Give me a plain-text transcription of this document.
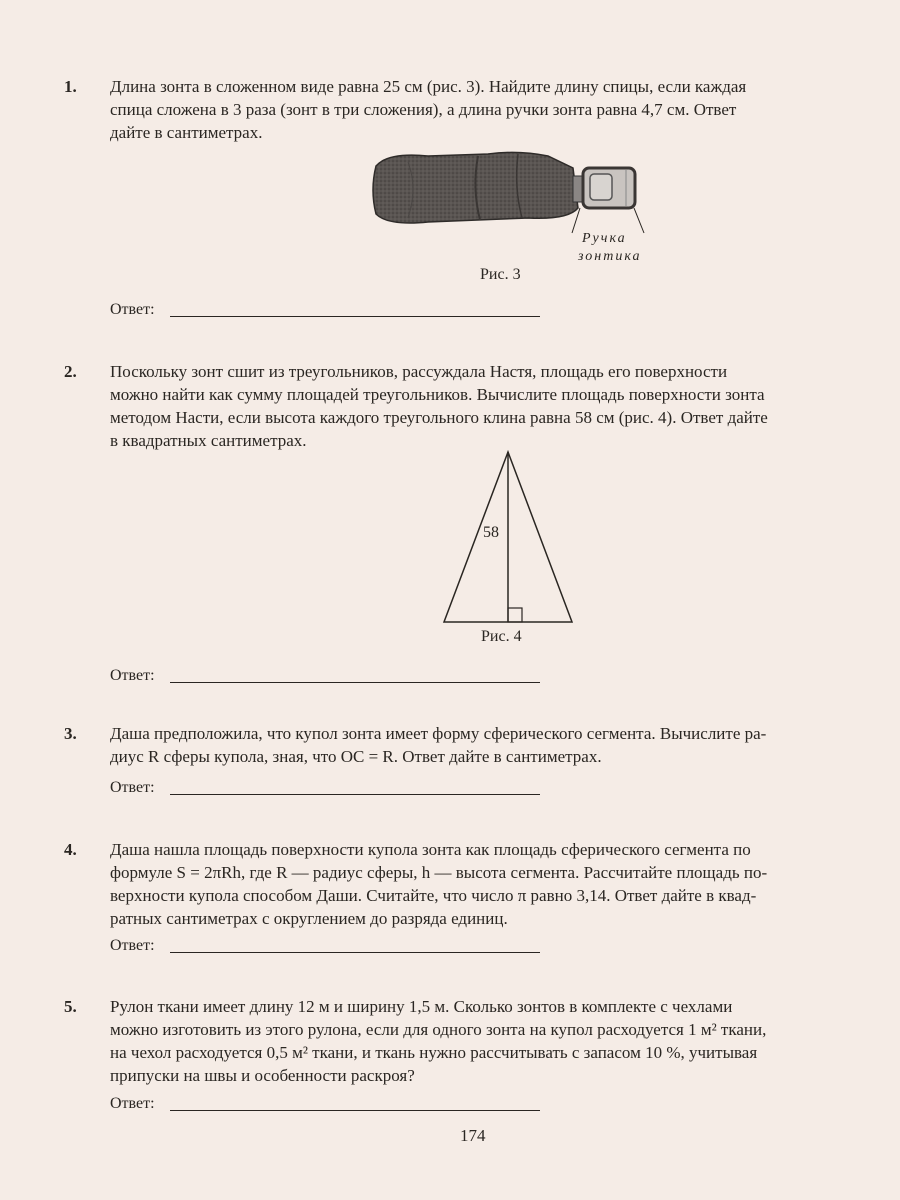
1.	Длина зонта в сложенном виде равна 25 см (рис. 3). Найдите длину спицы, если каждая
спица сложена в 3 раза (зонт в три сложения), а длина ручки зонта равна 4,7 см. Ответ
дайте в сантиметрах.
Ручка
зонтика
Рис. 3
Ответ:
2.	Поскольку зонт сшит из треугольников, рассуждала Настя, площадь его поверхности
можно найти как сумму площадей треугольников. Вычислите площадь поверхности зонта
методом Насти, если высота каждого треугольного клина равна 58 см (рис. 4). Ответ дайте
в квадратных сантиметрах.
58
Рис. 4
Ответ:
3.	Даша предположила, что купол зонта имеет форму сферического сегмента. Вычислите ра-
диус R сферы купола, зная, что OC = R. Ответ дайте в сантиметрах.
Ответ:
4.	Даша нашла площадь поверхности купола зонта как площадь сферического сегмента по
формуле S = 2πRh, где R — радиус сферы, h — высота сегмента. Рассчитайте площадь по-
верхности купола способом Даши. Считайте, что число π равно 3,14. Ответ дайте в квад-
ратных сантиметрах с округлением до разряда единиц.
Ответ:
5.	Рулон ткани имеет длину 12 м и ширину 1,5 м. Сколько зонтов в комплекте с чехлами
можно изготовить из этого рулона, если для одного зонта на купол расходуется 1 м² ткани,
на чехол расходуется 0,5 м² ткани, и ткань нужно рассчитывать с запасом 10 %, учитывая
припуски на швы и особенности раскроя?
Ответ:
174
